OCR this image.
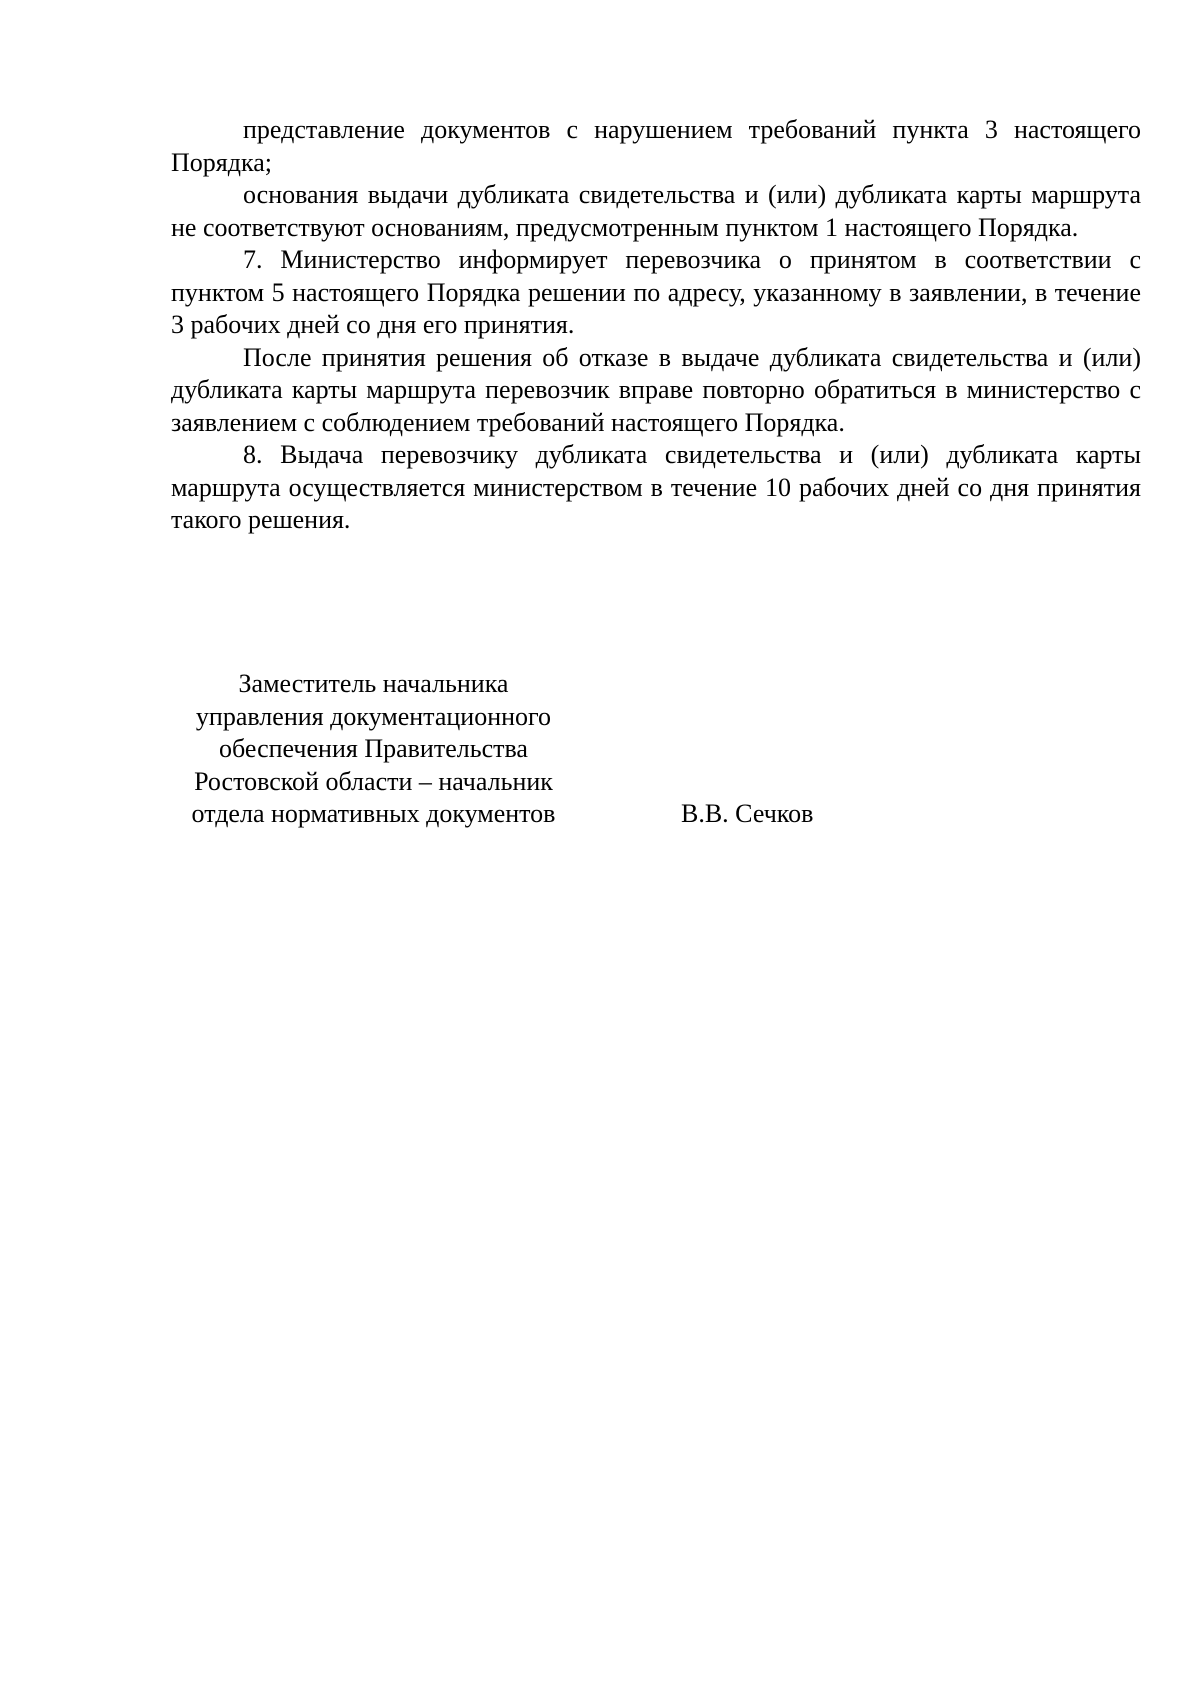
представление документов с нарушением требований пункта 3 настоящего Порядка;

основания выдачи дубликата свидетельства и (или) дубликата карты маршрута не соответствуют основаниям, предусмотренным пунктом 1 настоящего Порядка.

7. Министерство информирует перевозчика о принятом в соответствии с пунктом 5 настоящего Порядка решении по адресу, указанному в заявлении, в течение 3 рабочих дней со дня его принятия.

После принятия решения об отказе в выдаче дубликата свидетельства и (или) дубликата карты маршрута перевозчик вправе повторно обратиться в министерство с заявлением с соблюдением требований настоящего Порядка.

8. Выдача перевозчику дубликата свидетельства и (или) дубликата карты маршрута осуществляется министерством в течение 10 рабочих дней со дня принятия такого решения.

Заместитель начальника
управления документационного
обеспечения Правительства
Ростовской области – начальник
отдела нормативных документов	В.В. Сечков
